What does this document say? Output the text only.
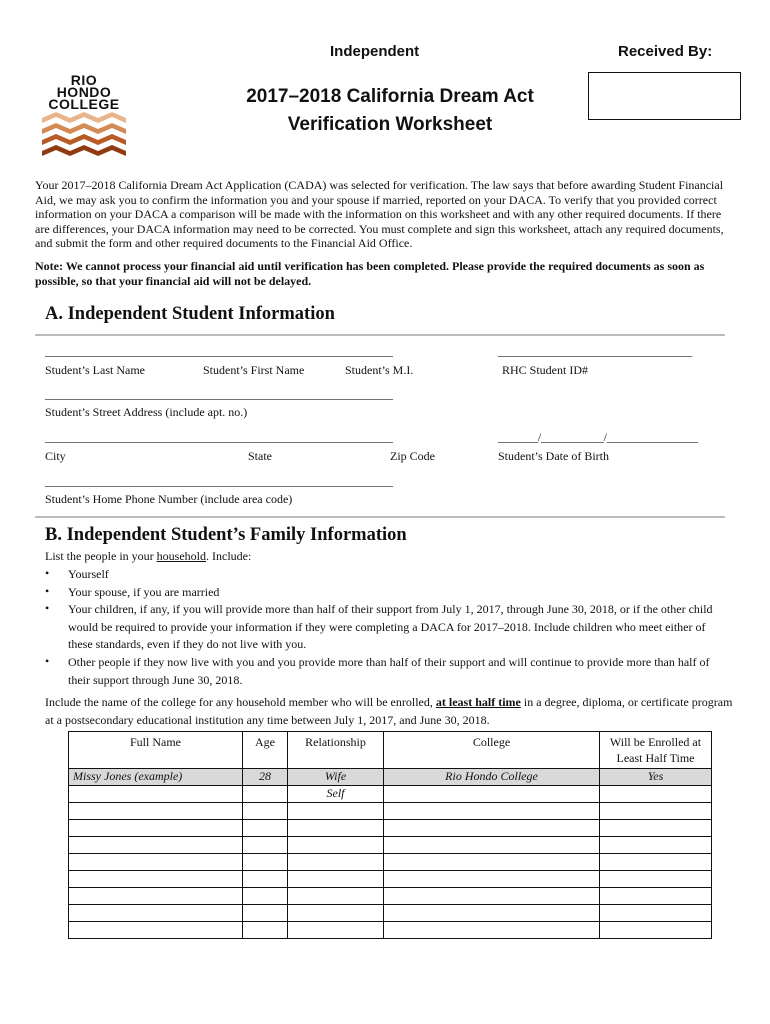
Independent	Received By:
RIO
HONDO
COLLEGE	2017–2018 California Dream Act
Verification Worksheet
Your 2017–2018 California Dream Act Application (CADA) was selected for verification. The law says that before awarding Student Financial Aid, we may ask you to confirm the information you and your spouse if married, reported on your DACA. To verify that you provided correct information on your DACA a comparison will be made with the information on this worksheet and with any other required documents. If there are differences, your DACA information may need to be corrected. You must complete and sign this worksheet, attach any required documents, and submit the form and other required documents to the Financial Aid Office.
Note: We cannot process your financial aid until verification has been completed. Please provide the required documents as soon as possible, so that your financial aid will not be delayed.
A. Independent Student Information
_____________________________________________________________	__________________________________
Student’s Last Name	Student’s First Name	Student’s M.I.	RHC Student ID#
_____________________________________________________________
Student’s Street Address (include apt. no.)
_____________________________________________________________	_______/___________/________________
City	State	Zip Code	Student’s Date of Birth
_____________________________________________________________
Student’s Home Phone Number (include area code)
B. Independent Student’s Family Information
List the people in your household. Include:
• Yourself
• Your spouse, if you are married
• Your children, if any, if you will provide more than half of their support from July 1, 2017, through June 30, 2018, or if the other child would be required to provide your information if they were completing a DACA for 2017–2018. Include children who meet either of these standards, even if they do not live with you.
• Other people if they now live with you and you provide more than half of their support and will continue to provide more than half of their support through June 30, 2018.
Include the name of the college for any household member who will be enrolled, at least half time in a degree, diploma, or certificate program at a postsecondary educational institution any time between July 1, 2017, and June 30, 2018.
Full Name	Age	Relationship	College	Will be Enrolled at Least Half Time
Missy Jones (example)	28	Wife	Rio Hondo College	Yes
		Self		
